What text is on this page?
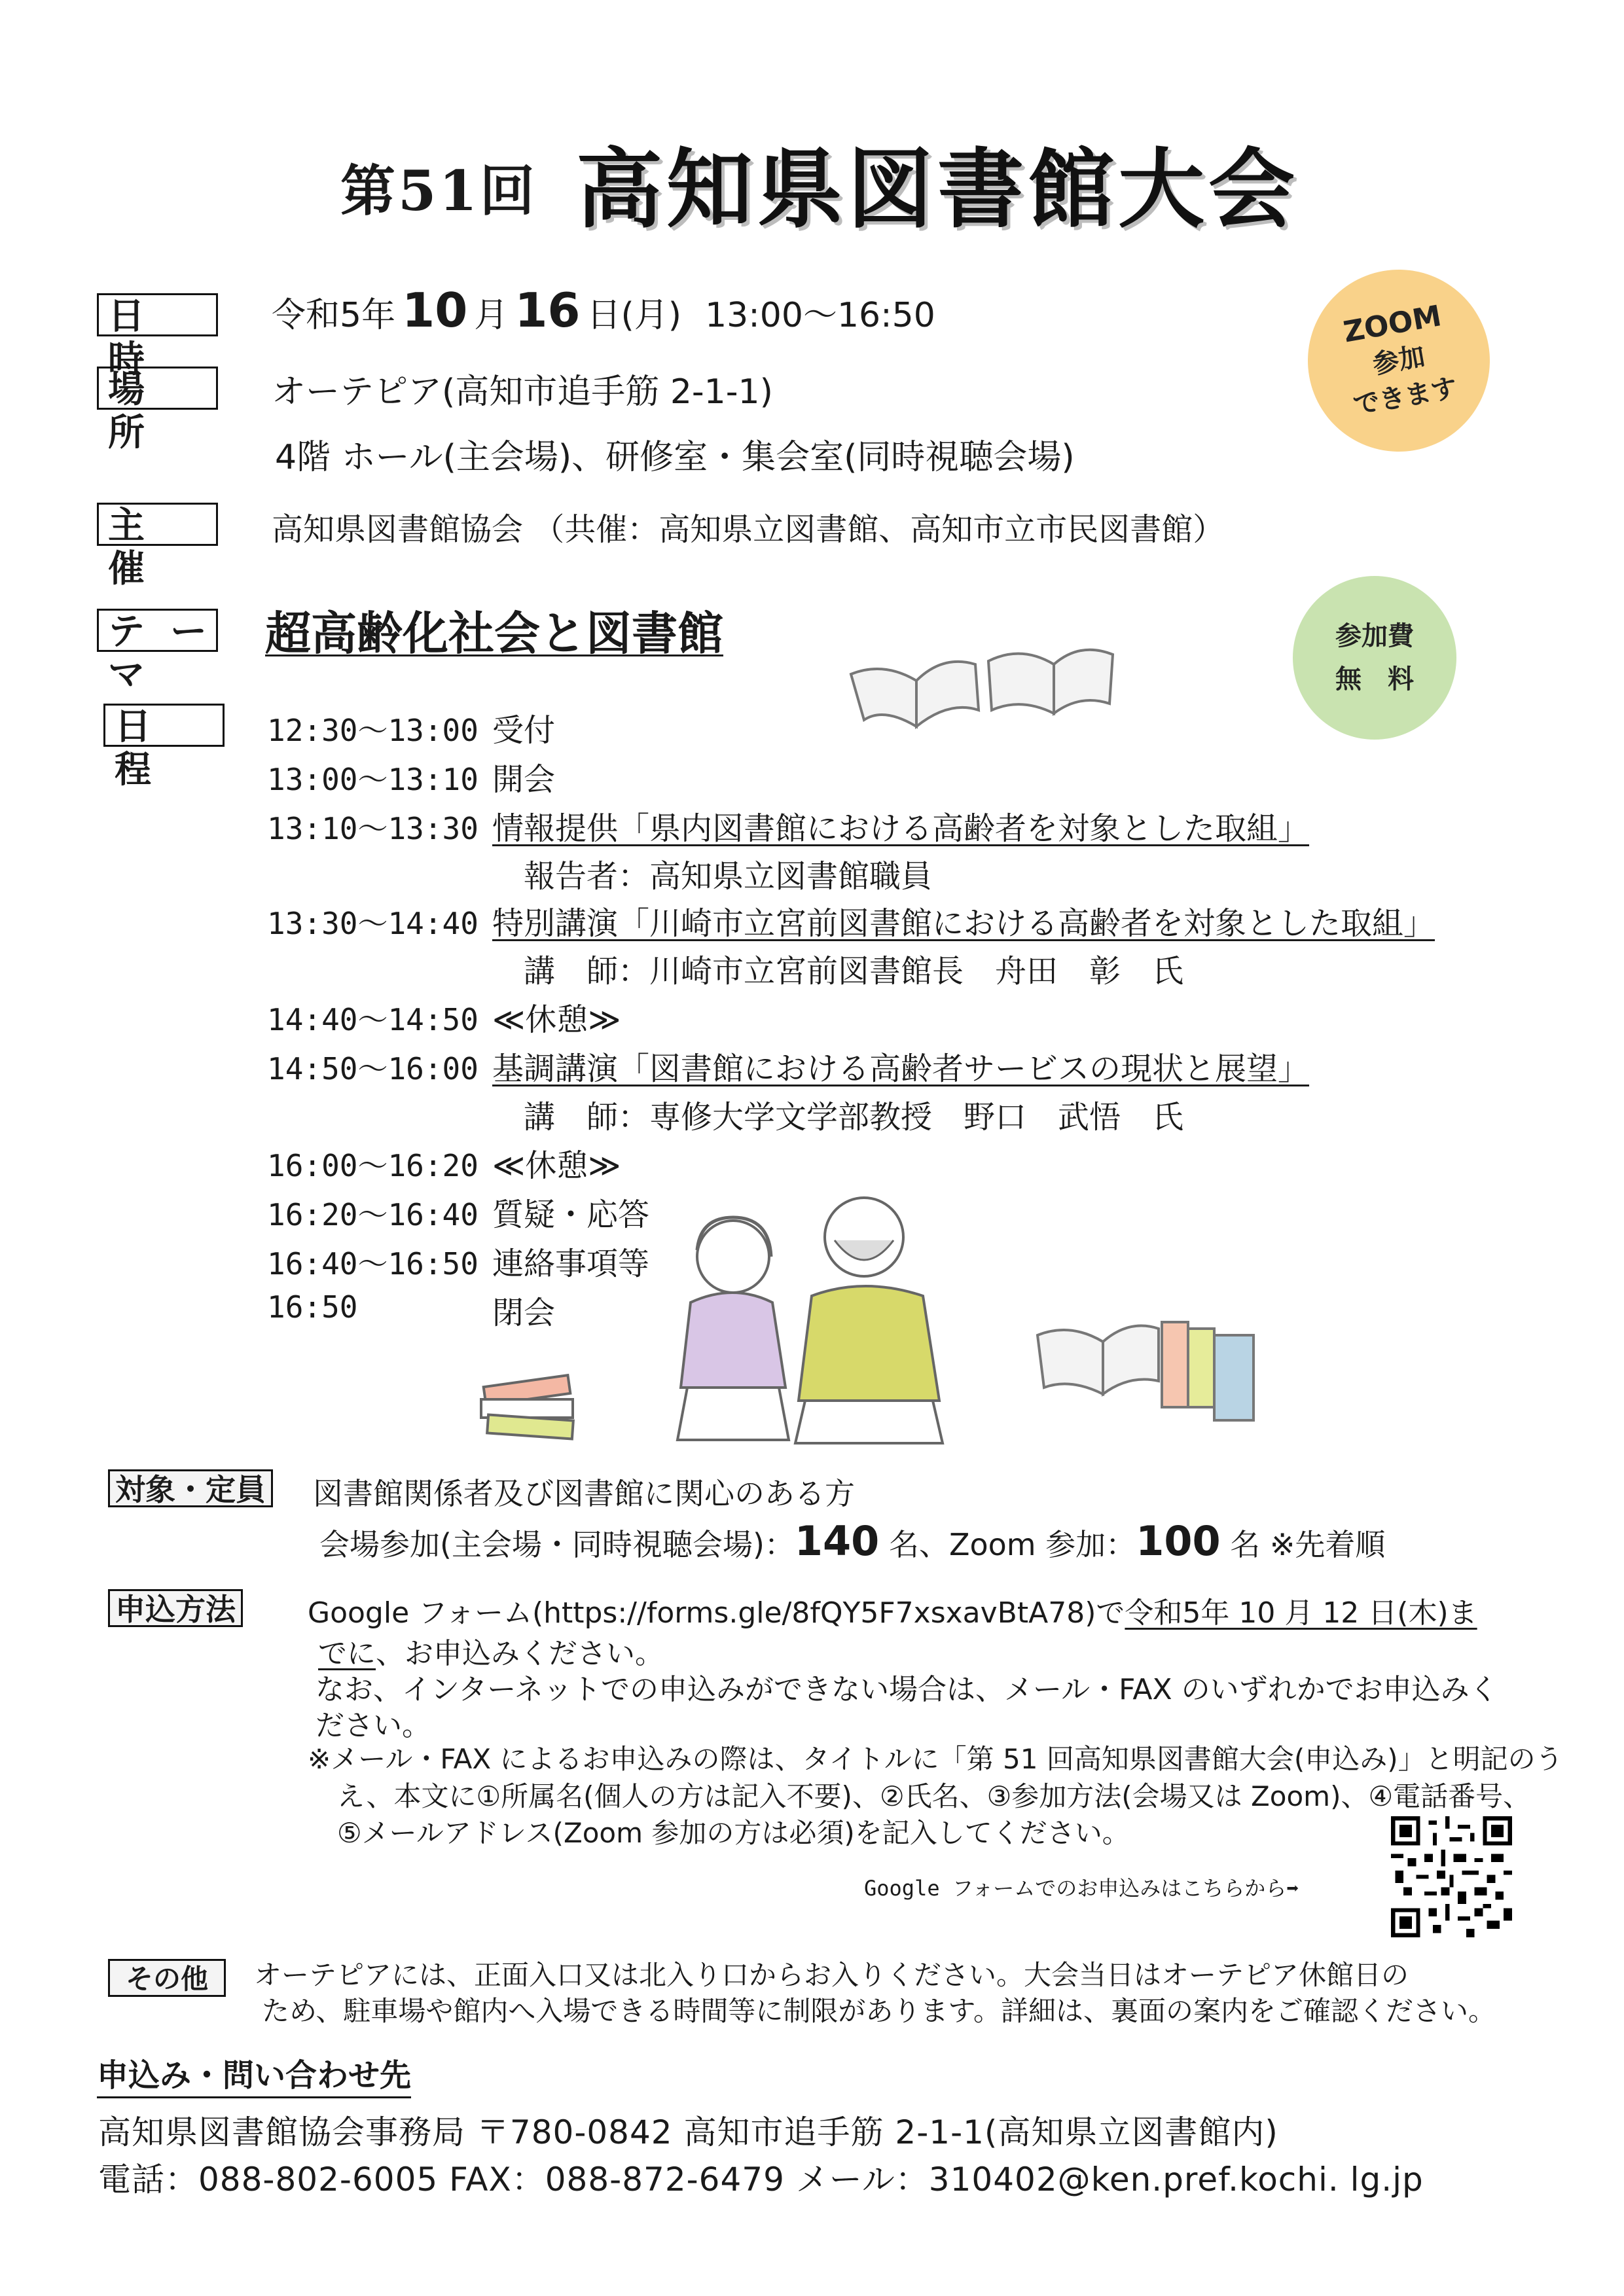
第51回 高知県図書館大会
ZOOM
参加
できます
参加費
無　料
日　時
令和5年 10 月 16 日(月) 13:00～16:50
場　所
オーテピア(高知市追手筋 2-1-1)
4階 ホール(主会場)、研修室・集会室(同時視聴会場)
主　催
高知県図書館協会 （共催：高知県立図書館、高知市立市民図書館）
テーマ
超高齢化社会と図書館
日　程
12:30～13:00 受付
13:00～13:10 開会
13:10～13:30 情報提供「県内図書館における高齢者を対象とした取組」
報告者：高知県立図書館職員
13:30～14:40 特別講演「川崎市立宮前図書館における高齢者を対象とした取組」
講　師：川崎市立宮前図書館長　舟田　彰　氏
14:40～14:50 ≪休憩≫
14:50～16:00 基調講演「図書館における高齢者サービスの現状と展望」
講　師：専修大学文学部教授　野口　武悟　氏
16:00～16:20 ≪休憩≫
16:20～16:40 質疑・応答
16:40～16:50 連絡事項等
16:50	閉会
対象・定員 図書館関係者及び図書館に関心のある方
会場参加(主会場・同時視聴会場)：140 名、Zoom 参加：100 名 ※先着順
申込方法	Google フォーム(https://forms.gle/8fQY5F7xsxavBtA78)で令和5年 10 月 12 日(木)ま
でに、お申込みください。
なお、インターネットでの申込みができない場合は、メール・FAX のいずれかでお申込みく
ださい。
※メール・FAX によるお申込みの際は、タイトルに「第 51 回高知県図書館大会(申込み)」と明記のう
え、本文に①所属名(個人の方は記入不要)、②氏名、③参加方法(会場又は Zoom)、④電話番号、
⑤メールアドレス(Zoom 参加の方は必須)を記入してください。
Google フォームでのお申込みはこちらから➡
その他	オーテピアには、正面入口又は北入り口からお入りください。大会当日はオーテピア休館日の
ため、駐車場や館内へ入場できる時間等に制限があります。詳細は、裏面の案内をご確認ください。
申込み・問い合わせ先
高知県図書館協会事務局 〒780-0842 高知市追手筋 2-1-1(高知県立図書館内)
電話：088-802-6005 FAX：088-872-6479 メール：310402@ken.pref.kochi. lg.jp
